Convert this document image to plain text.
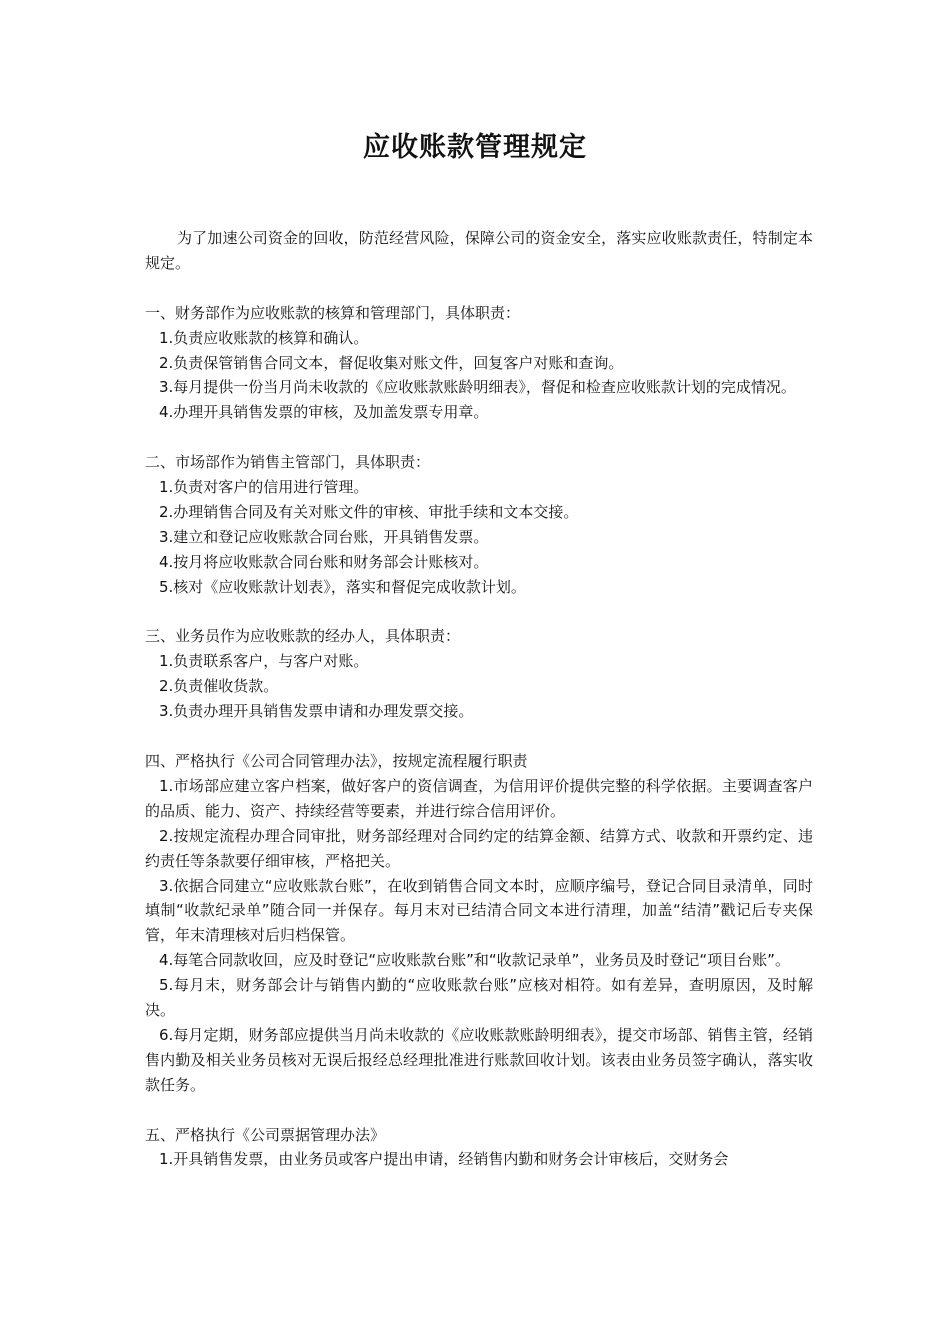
应收账款管理规定

为了加速公司资金的回收，防范经营风险，保障公司的资金安全，落实应收账款责任，特制定本规定。

一、财务部作为应收账款的核算和管理部门，具体职责：

1.负责应收账款的核算和确认。

2.负责保管销售合同文本，督促收集对账文件，回复客户对账和查询。

3.每月提供一份当月尚未收款的《应收账款账龄明细表》，督促和检查应收账款计划的完成情况。

4.办理开具销售发票的审核，及加盖发票专用章。

二、市场部作为销售主管部门，具体职责：

1.负责对客户的信用进行管理。

2.办理销售合同及有关对账文件的审核、审批手续和文本交接。

3.建立和登记应收账款合同台账，开具销售发票。

4.按月将应收账款合同台账和财务部会计账核对。

5.核对《应收账款计划表》，落实和督促完成收款计划。

三、业务员作为应收账款的经办人，具体职责：

1.负责联系客户，与客户对账。

2.负责催收货款。

3.负责办理开具销售发票申请和办理发票交接。

四、严格执行《公司合同管理办法》，按规定流程履行职责

1.市场部应建立客户档案，做好客户的资信调查，为信用评价提供完整的科学依据。主要调查客户的品质、能力、资产、持续经营等要素，并进行综合信用评价。

2.按规定流程办理合同审批，财务部经理对合同约定的结算金额、结算方式、收款和开票约定、违约责任等条款要仔细审核，严格把关。

3.依据合同建立“应收账款台账”，在收到销售合同文本时，应顺序编号，登记合同目录清单，同时填制“收款纪录单”随合同一并保存。每月末对已结清合同文本进行清理，加盖“结清”戳记后专夹保管，年末清理核对后归档保管。

4.每笔合同款收回，应及时登记“应收账款台账”和“收款记录单”，业务员及时登记“项目台账”。

5.每月末，财务部会计与销售内勤的“应收账款台账”应核对相符。如有差异，查明原因，及时解决。

6.每月定期，财务部应提供当月尚未收款的《应收账款账龄明细表》，提交市场部、销售主管，经销售内勤及相关业务员核对无误后报经总经理批准进行账款回收计划。该表由业务员签字确认，落实收款任务。

五、严格执行《公司票据管理办法》

1.开具销售发票，由业务员或客户提出申请，经销售内勤和财务会计审核后，交财务会
